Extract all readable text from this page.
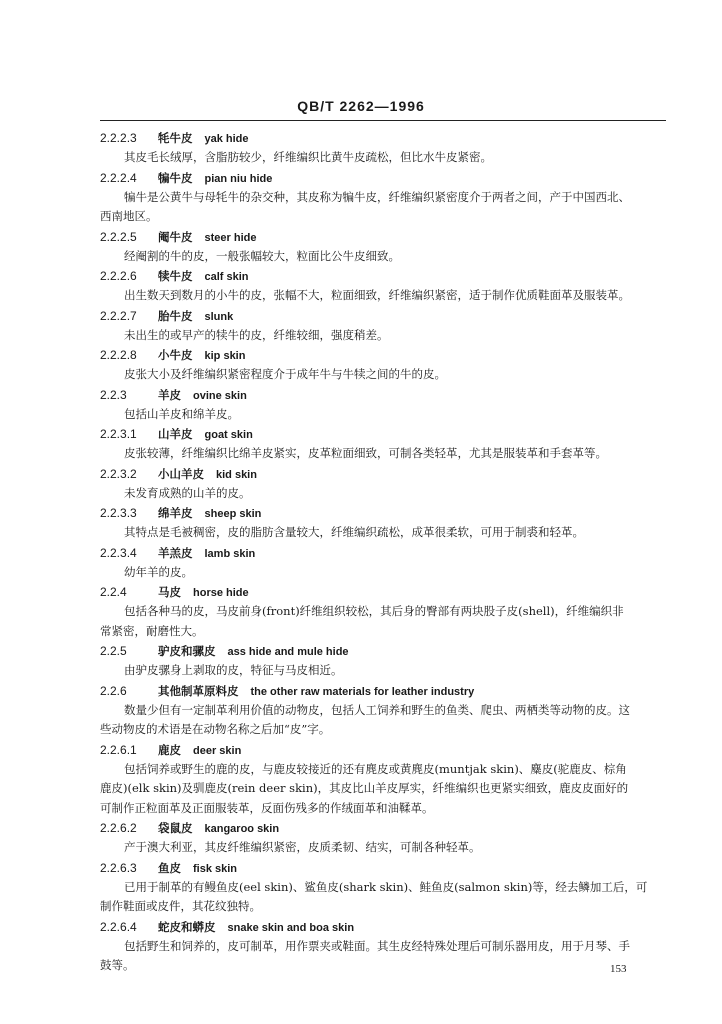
QB/T 2262—1996
2.2.2.3 牦牛皮 yak hide
其皮毛长绒厚，含脂肪较少，纤维编织比黄牛皮疏松，但比水牛皮紧密。
2.2.2.4 犏牛皮 pian niu hide
犏牛是公黄牛与母牦牛的杂交种，其皮称为犏牛皮，纤维编织紧密度介于两者之间，产于中国西北、
西南地区。
2.2.2.5 阉牛皮 steer hide
经阉割的牛的皮，一般张幅较大，粒面比公牛皮细致。
2.2.2.6 犊牛皮 calf skin
出生数天到数月的小牛的皮，张幅不大，粒面细致，纤维编织紧密，适于制作优质鞋面革及服装革。
2.2.2.7 胎牛皮 slunk
未出生的或早产的犊牛的皮，纤维较细，强度稍差。
2.2.2.8 小牛皮 kip skin
皮张大小及纤维编织紧密程度介于成年牛与牛犊之间的牛的皮。
2.2.3	羊皮 ovine skin
包括山羊皮和绵羊皮。
2.2.3.1 山羊皮 goat skin
皮张较薄，纤维编织比绵羊皮紧实，皮革粒面细致，可制各类轻革，尤其是服装革和手套革等。
2.2.3.2 小山羊皮 kid skin
未发育成熟的山羊的皮。
2.2.3.3 绵羊皮 sheep skin
其特点是毛被稠密，皮的脂肪含量较大，纤维编织疏松，成革很柔软，可用于制裘和轻革。
2.2.3.4 羊羔皮 lamb skin
幼年羊的皮。
2.2.4	马皮 horse hide
包括各种马的皮，马皮前身(front)纤维组织较松，其后身的臀部有两块股子皮(shell)，纤维编织非
常紧密，耐磨性大。
2.2.5	驴皮和骡皮 ass hide and mule hide
由驴皮骡身上剥取的皮，特征与马皮相近。
2.2.6	其他制革原料皮 the other raw materials for leather industry
数量少但有一定制革利用价值的动物皮，包括人工饲养和野生的鱼类、爬虫、两栖类等动物的皮。这
些动物皮的术语是在动物名称之后加“皮”字。
2.2.6.1 鹿皮 deer skin
包括饲养或野生的鹿的皮，与鹿皮较接近的还有麂皮或黄麂皮(muntjak skin)、麋皮(驼鹿皮、棕角
鹿皮)(elk skin)及驯鹿皮(rein deer skin)，其皮比山羊皮厚实，纤维编织也更紧实细致，鹿皮皮面好的
可制作正粒面革及正面服装革，反面伤残多的作绒面革和油鞣革。
2.2.6.2 袋鼠皮 kangaroo skin
产于澳大利亚，其皮纤维编织紧密，皮质柔韧、结实，可制各种轻革。
2.2.6.3 鱼皮 fisk skin
已用于制革的有鳗鱼皮(eel skin)、鲨鱼皮(shark skin)、鲑鱼皮(salmon skin)等，经去鳞加工后，可
制作鞋面或皮件，其花纹独特。
2.2.6.4 蛇皮和蟒皮 snake skin and boa skin
包括野生和饲养的，皮可制革，用作票夹或鞋面。其生皮经特殊处理后可制乐器用皮，用于月琴、手
鼓等。	153
